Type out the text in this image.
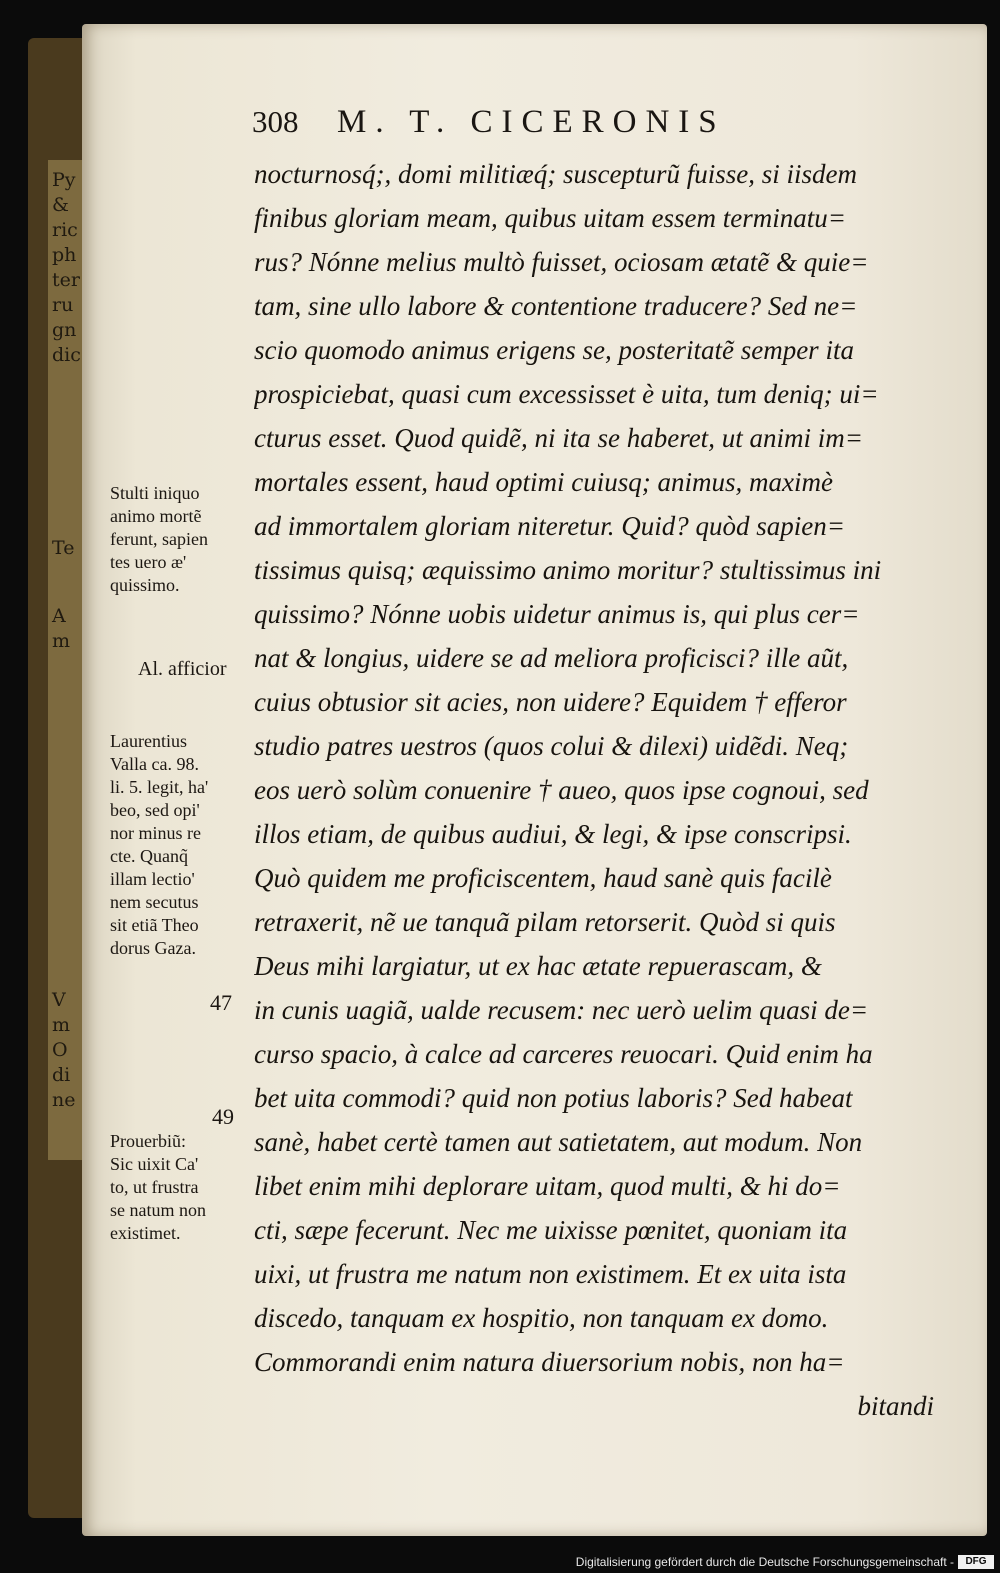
Py
&
ric
ph
ter
ru
gn
dic
Te
A
m
V
m
O
di
ne
308 M. T. CICERONIS
nocturnosq́;, domi militiæq́; suscepturũ fuisse, si iisdem
finibus gloriam meam, quibus uitam essem terminatu=
rus? Nónne melius multò fuisset, ociosam ætatẽ & quie=
tam, sine ullo labore & contentione traducere? Sed ne=
scio quomodo animus erigens se, posteritatẽ semper ita
prospiciebat, quasi cum excessisset è uita, tum deniq; ui=
cturus esset. Quod quidẽ, ni ita se haberet, ut animi im=
mortales essent, haud optimi cuiusq; animus, maximè
ad immortalem gloriam niteretur. Quid? quòd sapien=
tissimus quisq; æquissimo animo moritur? stultissimus ini
quissimo? Nónne uobis uidetur animus is, qui plus cer=
nat & longius, uidere se ad meliora proficisci? ille aũt,
cuius obtusior sit acies, non uidere? Equidem † efferor
studio patres uestros (quos colui & dilexi) uidẽdi. Neq;
eos uerò solùm conuenire † aueo, quos ipse cognoui, sed
illos etiam, de quibus audiui, & legi, & ipse conscripsi.
Quò quidem me proficiscentem, haud sanè quis facilè
retraxerit, nẽ ue tanquã pilam retorserit. Quòd si quis
Deus mihi largiatur, ut ex hac ætate repuerascam, &
in cunis uagiã, ualde recusem: nec uerò uelim quasi de=
curso spacio, à calce ad carceres reuocari. Quid enim ha
bet uita commodi? quid non potius laboris? Sed habeat
sanè, habet certè tamen aut satietatem, aut modum. Non
libet enim mihi deplorare uitam, quod multi, & hi do=
cti, sæpe fecerunt. Nec me uixisse pœnitet, quoniam ita
uixi, ut frustra me natum non existimem. Et ex uita ista
discedo, tanquam ex hospitio, non tanquam ex domo.
Commorandi enim natura diuersorium nobis, non ha=
bitandi
Stulti iniquo
animo mortẽ
ferunt, sapien
tes uero æ'
quissimo.
Al. afficior
Laurentius
Valla ca. 98.
li. 5. legit, ha'
beo, sed opi'
nor minus re
cte. Quanq̃
illam lectio'
nem secutus
sit etiã Theo
dorus Gaza.
47
49
Prouerbiũ:
Sic uixit Ca'
to, ut frustra
se natum non
existimet.
Digitalisierung gefördert durch die Deutsche Forschungsgemeinschaft -	DFG
